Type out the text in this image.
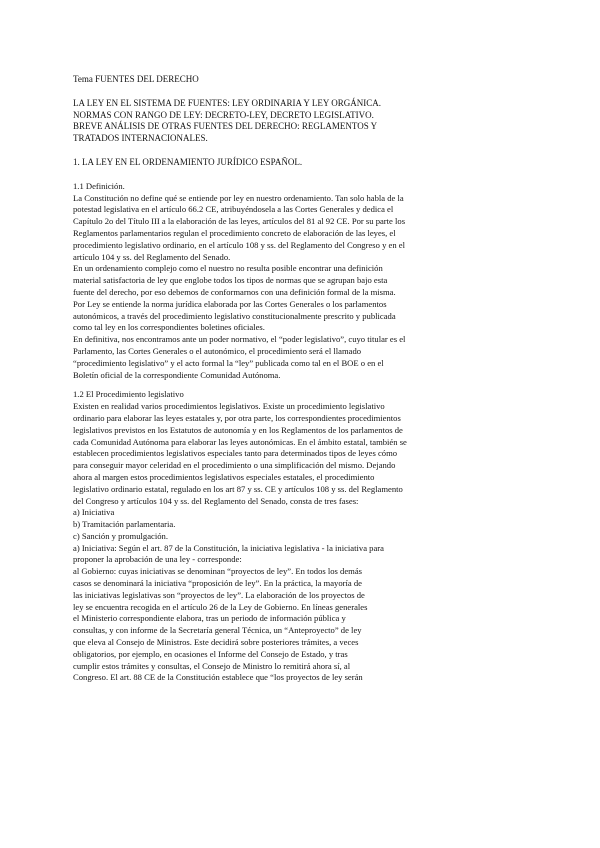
Tema FUENTES DEL DERECHO

LA LEY EN EL SISTEMA DE FUENTES: LEY ORDINARIA Y LEY ORGÁNICA.

NORMAS CON RANGO DE LEY: DECRETO-LEY, DECRETO LEGISLATIVO.

BREVE ANÁLISIS DE OTRAS FUENTES DEL DERECHO: REGLAMENTOS Y

TRATADOS INTERNACIONALES.

1. LA LEY EN EL ORDENAMIENTO JURÍDICO ESPAÑOL.

1.1 Definición.

La Constitución no define qué se entiende por ley en nuestro ordenamiento. Tan solo habla de la

potestad legislativa en el artículo 66.2 CE, atribuyéndosela a las Cortes Generales y dedica el

Capítulo 2o del Título III a la elaboración de las leyes, artículos del 81 al 92 CE. Por su parte los

Reglamentos parlamentarios regulan el procedimiento concreto de elaboración de las leyes, el

procedimiento legislativo ordinario, en el artículo 108 y ss. del Reglamento del Congreso y en el

artículo 104 y ss. del Reglamento del Senado.

En un ordenamiento complejo como el nuestro no resulta posible encontrar una definición

material satisfactoria de ley que englobe todos los tipos de normas que se agrupan bajo esta

fuente del derecho, por eso debemos de conformarnos con una definición formal de la misma.

Por Ley se entiende la norma jurídica elaborada por las Cortes Generales o los parlamentos

autonómicos, a través del procedimiento legislativo constitucionalmente prescrito y publicada

como tal ley en los correspondientes boletines oficiales.

En definitiva, nos encontramos ante un poder normativo, el “poder legislativo”, cuyo titular es el

Parlamento, las Cortes Generales o el autonómico, el procedimiento será el llamado

“procedimiento legislativo” y el acto formal la “ley” publicada como tal en el BOE o en el

Boletín oficial de la correspondiente Comunidad Autónoma.

1.2 El Procedimiento legislativo

Existen en realidad varios procedimientos legislativos. Existe un procedimiento legislativo

ordinario para elaborar las leyes estatales y, por otra parte, los correspondientes procedimientos

legislativos previstos en los Estatutos de autonomía y en los Reglamentos de los parlamentos de

cada Comunidad Autónoma para elaborar las leyes autonómicas. En el ámbito estatal, también se

establecen procedimientos legislativos especiales tanto para determinados tipos de leyes cómo

para conseguir mayor celeridad en el procedimiento o una simplificación del mismo. Dejando

ahora al margen estos procedimientos legislativos especiales estatales, el procedimiento

legislativo ordinario estatal, regulado en los art 87 y ss. CE y artículos 108 y ss. del Reglamento

del Congreso y artículos 104 y ss. del Reglamento del Senado, consta de tres fases:

a) Iniciativa

b) Tramitación parlamentaria.

c) Sanción y promulgación.

a) Iniciativa: Según el art. 87 de la Constitución, la iniciativa legislativa - la iniciativa para

proponer la aprobación de una ley - corresponde:

al Gobierno: cuyas iniciativas se denominan “proyectos de ley”. En todos los demás

casos se denominará la iniciativa “proposición de ley”. En la práctica, la mayoría de

las iniciativas legislativas son “proyectos de ley”. La elaboración de los proyectos de

ley se encuentra recogida en el artículo 26 de la Ley de Gobierno. En líneas generales

el Ministerio correspondiente elabora, tras un periodo de información pública y

consultas, y con informe de la Secretaría general Técnica, un “Anteproyecto” de ley

que eleva al Consejo de Ministros. Este decidirá sobre posteriores trámites, a veces

obligatorios, por ejemplo, en ocasiones el Informe del Consejo de Estado, y tras

cumplir estos trámites y consultas, el Consejo de Ministro lo remitirá ahora sí, al

Congreso. El art. 88 CE de la Constitución establece que “los proyectos de ley serán
